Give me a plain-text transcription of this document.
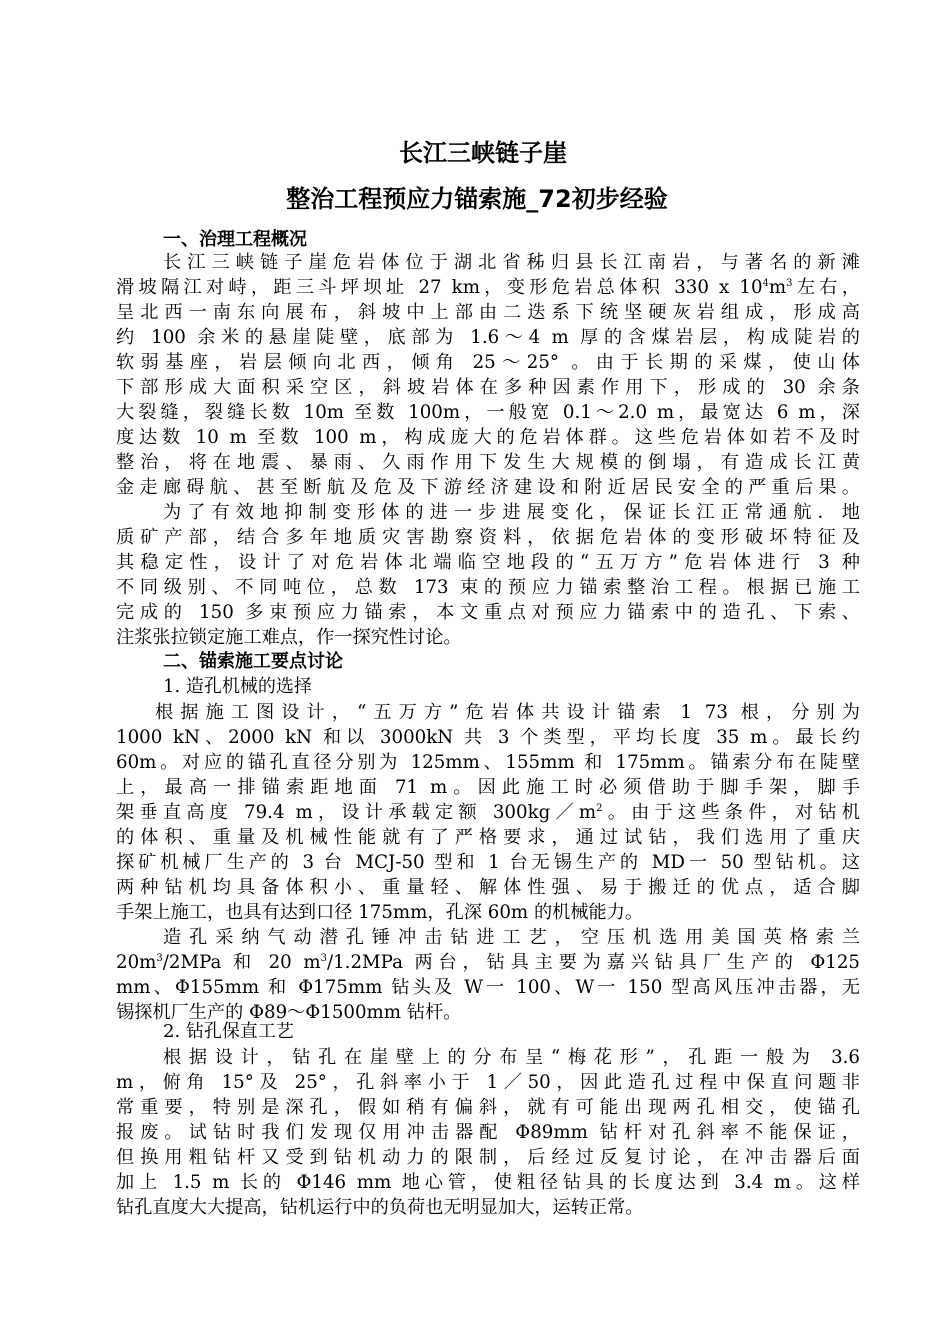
长江三峡链子崖
整治工程预应力锚索施_72初步经验
一、治理工程概况
长江三峡链子崖危岩体位于湖北省秭归县长江南岩，与著名的新滩
滑坡隔江对峙，距三斗坪坝址 27 km，变形危岩总体积 330 x $10^4m^3$左右，
呈北西一南东向展布，斜坡中上部由二迭系下统坚硬灰岩组成，形成高
约 100 余米的悬崖陡壁，底部为 1.6～4 m 厚的含煤岩层，构成陡岩的
软弱基座，岩层倾向北西，倾角 25～25° 。由于长期的采煤，使山体
下部形成大面积采空区，斜坡岩体在多种因素作用下，形成的 30 余条
大裂缝，裂缝长数 10m 至数 100m，一般宽 0.1～2.0 m，最宽达 6 m，深
度达数 10 m 至数 100 m，构成庞大的危岩体群。这些危岩体如若不及时
整治，将在地震、暴雨、久雨作用下发生大规模的倒塌，有造成长江黄
金走廊碍航、甚至断航及危及下游经济建设和附近居民安全的严重后果。
为了有效地抑制变形体的进一步进展变化，保证长江正常通航．地
质矿产部，结合多年地质灾害勘察资料，依据危岩体的变形破坏特征及
其稳定性，设计了对危岩体北端临空地段的“五万方”危岩体进行 3 种
不同级别、不同吨位，总数 173 束的预应力锚索整治工程。根据已施工
完成的 150 多束预应力锚索，本文重点对预应力锚索中的造孔、下索、
注浆张拉锁定施工难点，作一探究性讨论。
二、锚索施工要点讨论
1. 造孔机械的选择
根据施工图设计，“五万方”危岩体共设计锚索 1 73 根，分别为
1000 kN、2000 kN 和以 3000kN 共 3 个类型，平均长度 35 m。最长约
60m。对应的锚孔直径分别为 125mm、155mm 和 175mm。锚索分布在陡壁
上，最高一排锚索距地面 71 m。因此施工时必须借助于脚手架，脚手
架垂直高度 79.4 m，设计承载定额 $300kg/m^2$。由于这些条件，对钻机
的体积、重量及机械性能就有了严格要求，通过试钻，我们选用了重庆
探矿机械厂生产的 3 台 MCJ-50 型和 1 台无锡生产的 MD一 50 型钻机。这
两种钻机均具备体积小、重量轻、解体性强、易于搬迁的优点，适合脚
手架上施工，也具有达到口径 175mm，孔深 60m 的机械能力。
造孔采纳气动潜孔锤冲击钻进工艺，空压机选用美国英格索兰
$20m^3/2MPa$ 和 20 $m^3/1.2MPa$ 两台，钻具主要为嘉兴钻具厂生产的 Φ125
mm、Φ155mm 和 Φ175mm 钻头及 W一 100、W一 150 型高风压冲击器，无
锡探机厂生产的 Φ89～Φ1500mm 钻杆。
2. 钻孔保直工艺
根据设计，钻孔在崖壁上的分布呈“梅花形”，孔距一般为 3.6
m，俯角 15°及 25°，孔斜率小于 1／50，因此造孔过程中保直问题非
常重要，特别是深孔，假如稍有偏斜，就有可能出现两孔相交，使锚孔
报废。试钻时我们发现仅用冲击器配 Φ89mm 钻杆对孔斜率不能保证，
但换用粗钻杆又受到钻机动力的限制，后经过反复讨论，在冲击器后面
加上 1.5 m 长的 Φ146 mm 地心管，使粗径钻具的长度达到 3.4 m。这样
钻孔直度大大提高，钻机运行中的负荷也无明显加大，运转正常。
